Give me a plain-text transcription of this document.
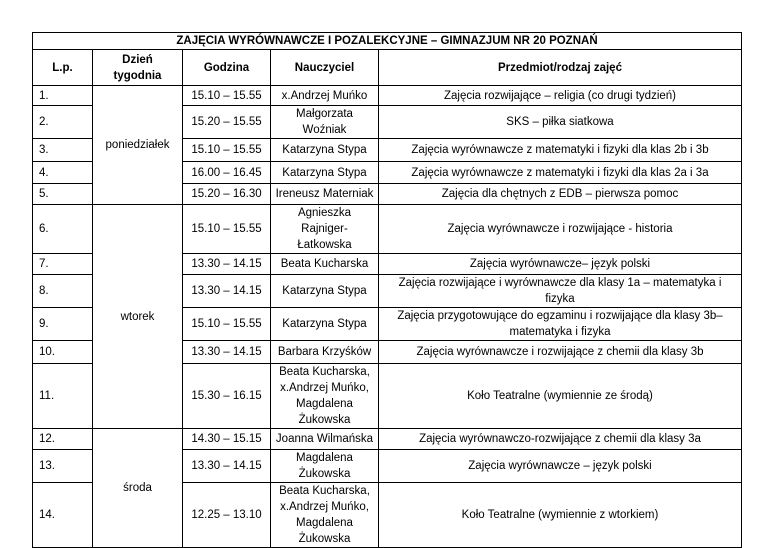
ZAJĘCIA WYRÓWNAWCZE I POZALEKCYJNE – GIMNAZJUM NR 20 POZNAŃ				
L.p.	Dzień
tygodnia	Godzina	Nauczyciel	Przedmiot/rodzaj zajęć
1.	poniedziałek	15.10 – 15.55	x.Andrzej Muńko	Zajęcia rozwijające – religia (co drugi tydzień)

2.		15.20 – 15.55	Małgorzata Woźniak	SKS – piłka siatkowa

3.		15.10 – 15.55	Katarzyna Stypa	Zajęcia wyrównawcze z matematyki i fizyki dla klas 2b i 3b

4.		16.00 – 16.45	Katarzyna Stypa	Zajęcia wyrównawcze z matematyki i fizyki dla klas 2a i 3a

5.		15.20 – 16.30	Ireneusz Materniak	Zajęcia dla chętnych z EDB – pierwsza pomoc

6.	wtorek	15.10 – 15.55	Agnieszka Rajniger-
Łatkowska	Zajęcia wyrównawcze i rozwijające - historia

7.		13.30 – 14.15	Beata Kucharska	Zajęcia wyrównawcze– język polski

8.		13.30 – 14.15	Katarzyna Stypa	Zajęcia rozwijające i wyrównawcze dla klasy 1a – matematyka i
fizyka

9.		15.10 – 15.55	Katarzyna Stypa	Zajęcia przygotowujące do egzaminu i rozwijające dla klasy 3b–
matematyka i fizyka

10.		13.30 – 14.15	Barbara Krzyśków	Zajęcia wyrównawcze i rozwijające z chemii dla klasy 3b

11.		15.30 – 16.15	Beata Kucharska,
x.Andrzej Muńko,
Magdalena Żukowska	Koło Teatralne (wymiennie ze środą)

12.	środa	14.30 – 15.15	Joanna Wilmańska	Zajęcia wyrównawczo-rozwijające z chemii dla klasy 3a

13.		13.30 – 14.15	Magdalena Żukowska	Zajęcia wyrównawcze – język polski

14.		12.25 – 13.10	Beata Kucharska,
x.Andrzej Muńko,
Magdalena Żukowska	Koło Teatralne (wymiennie z wtorkiem)
